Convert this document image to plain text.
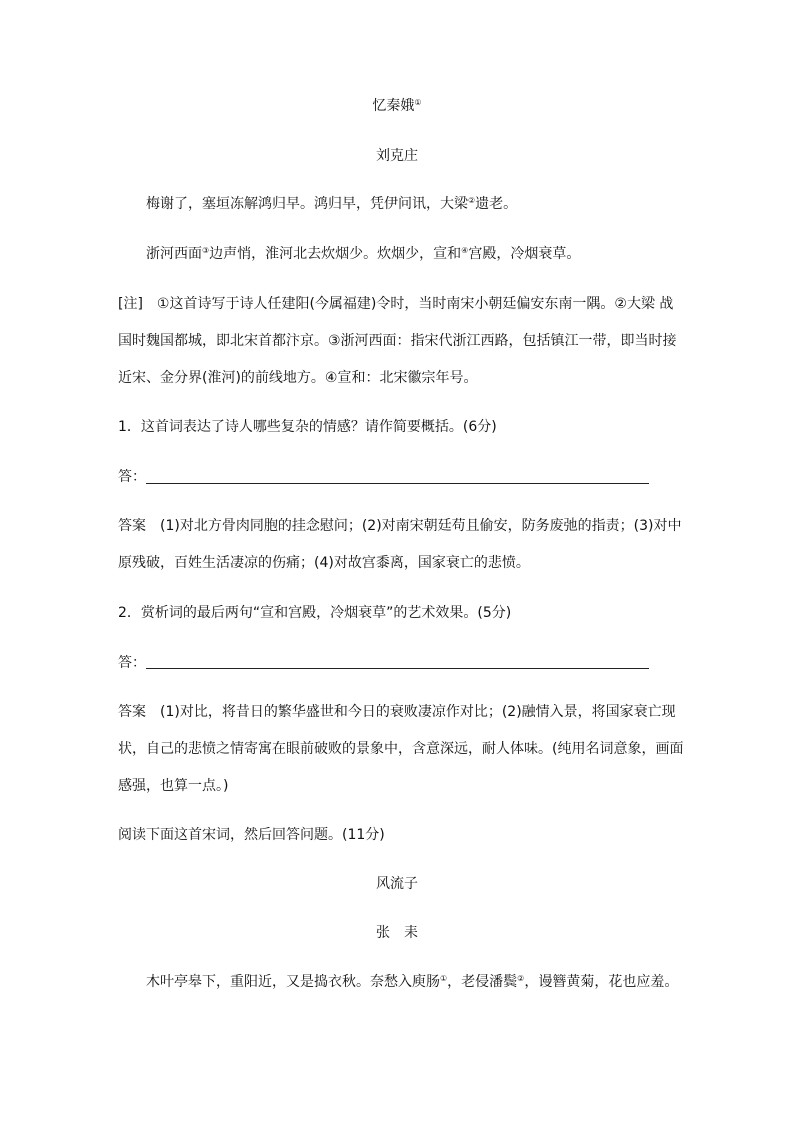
忆秦娥①
刘克庄
梅谢了，塞垣冻解鸿归早。鸿归早，凭伊问讯，大梁②遗老。
浙河西面③边声悄，淮河北去炊烟少。炊烟少，宣和④宫殿，冷烟衰草。
[注]　①这首诗写于诗人任建阳(今属福建)令时，当时南宋小朝廷偏安东南一隅。②大梁 战
国时魏国都城，即北宋首都汴京。③浙河西面：指宋代浙江西路，包括镇江一带，即当时接
近宋、金分界(淮河)的前线地方。④宣和：北宋徽宗年号。
1．这首词表达了诗人哪些复杂的情感？请作简要概括。(6分)
答：
答案　(1)对北方骨肉同胞的挂念慰问；(2)对南宋朝廷苟且偷安，防务废弛的指责；(3)对中
原残破，百姓生活凄凉的伤痛；(4)对故宫黍离，国家衰亡的悲愤。
2．赏析词的最后两句“宣和宫殿，冷烟衰草”的艺术效果。(5分)
答：
答案　(1)对比，将昔日的繁华盛世和今日的衰败凄凉作对比；(2)融情入景，将国家衰亡现
状，自己的悲愤之情寄寓在眼前破败的景象中，含意深远，耐人体味。(纯用名词意象，画面
感强，也算一点。)
阅读下面这首宋词，然后回答问题。(11分)
风流子
张　耒
木叶亭皋下，重阳近，又是捣衣秋。奈愁入庾肠①，老侵潘鬓②，谩簪黄菊，花也应羞。
